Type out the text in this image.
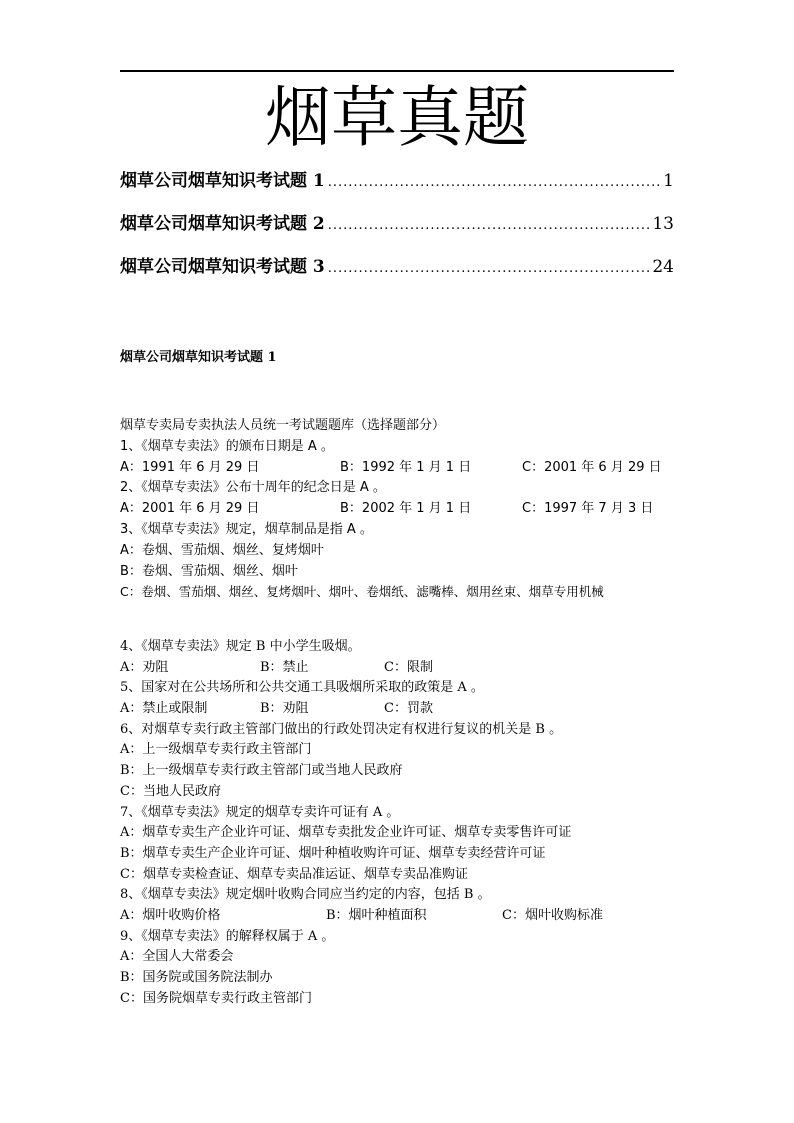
烟草真题
烟草公司烟草知识考试题 1 .....	1
烟草公司烟草知识考试题 2 .....	13
烟草公司烟草知识考试题 3 .....	24
烟草公司烟草知识考试题 1
烟草专卖局专卖执法人员统一考试题题库（选择题部分）
1、《烟草专卖法》的颁布日期是 A 。
A：1991 年 6 月 29 日	B：1992 年 1 月 1 日	C：2001 年 6 月 29 日
2、《烟草专卖法》公布十周年的纪念日是 A 。
A：2001 年 6 月 29 日	B：2002 年 1 月 1 日	C：1997 年 7 月 3 日
3、《烟草专卖法》规定，烟草制品是指 A 。
A：卷烟、雪茄烟、烟丝、复烤烟叶
B：卷烟、雪茄烟、烟丝、烟叶
C：卷烟、雪茄烟、烟丝、复烤烟叶、烟叶、卷烟纸、滤嘴棒、烟用丝束、烟草专用机械
4、《烟草专卖法》规定 B 中小学生吸烟。
A：劝阻	B：禁止	C：限制
5、国家对在公共场所和公共交通工具吸烟所采取的政策是 A 。
A：禁止或限制	B：劝阻	C：罚款
6、对烟草专卖行政主管部门做出的行政处罚决定有权进行复议的机关是 B 。
A：上一级烟草专卖行政主管部门
B：上一级烟草专卖行政主管部门或当地人民政府
C：当地人民政府
7、《烟草专卖法》规定的烟草专卖许可证有 A 。
A：烟草专卖生产企业许可证、烟草专卖批发企业许可证、烟草专卖零售许可证
B：烟草专卖生产企业许可证、烟叶种植收购许可证、烟草专卖经营许可证
C：烟草专卖检查证、烟草专卖品准运证、烟草专卖品准购证
8、《烟草专卖法》规定烟叶收购合同应当约定的内容，包括 B 。
A：烟叶收购价格	B：烟叶种植面积	C：烟叶收购标准
9、《烟草专卖法》的解释权属于 A 。
A：全国人大常委会
B：国务院或国务院法制办
C：国务院烟草专卖行政主管部门
